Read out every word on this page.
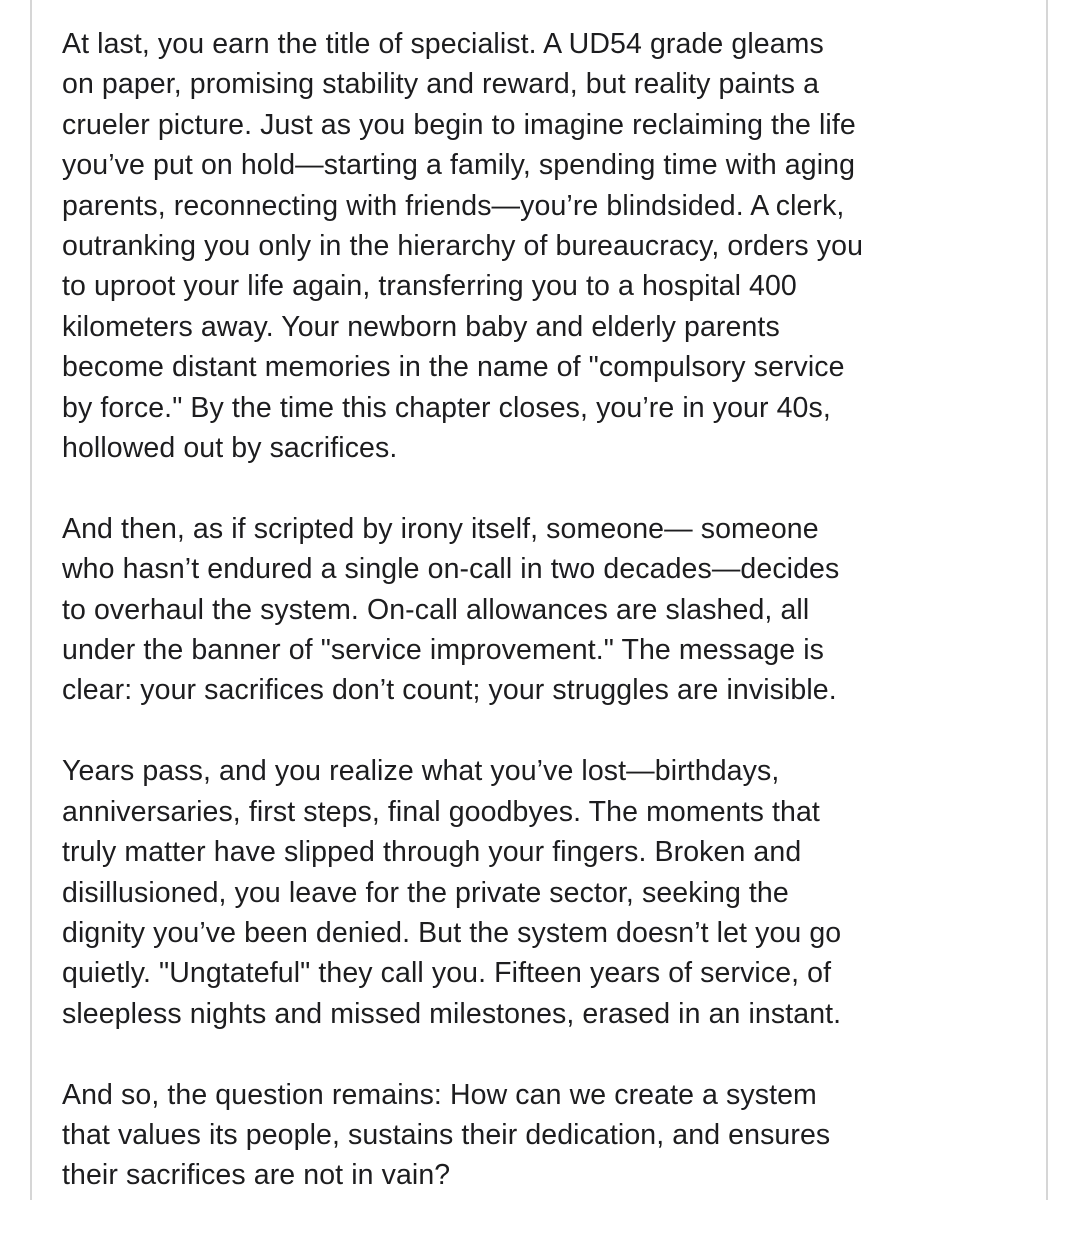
At last, you earn the title of specialist. A UD54 grade gleams
on paper, promising stability and reward, but reality paints a
crueler picture. Just as you begin to imagine reclaiming the life
you’ve put on hold—starting a family, spending time with aging
parents, reconnecting with friends—you’re blindsided. A clerk,
outranking you only in the hierarchy of bureaucracy, orders you
to uproot your life again, transferring you to a hospital 400
kilometers away. Your newborn baby and elderly parents
become distant memories in the name of "compulsory service
by force." By the time this chapter closes, you’re in your 40s,
hollowed out by sacrifices.

And then, as if scripted by irony itself, someone— someone
who hasn’t endured a single on-call in two decades—decides
to overhaul the system. On-call allowances are slashed, all
under the banner of "service improvement." The message is
clear: your sacrifices don’t count; your struggles are invisible.

Years pass, and you realize what you’ve lost—birthdays,
anniversaries, first steps, final goodbyes. The moments that
truly matter have slipped through your fingers. Broken and
disillusioned, you leave for the private sector, seeking the
dignity you’ve been denied. But the system doesn’t let you go
quietly. "Ungtateful" they call you. Fifteen years of service, of
sleepless nights and missed milestones, erased in an instant.

And so, the question remains: How can we create a system
that values its people, sustains their dedication, and ensures
their sacrifices are not in vain?
